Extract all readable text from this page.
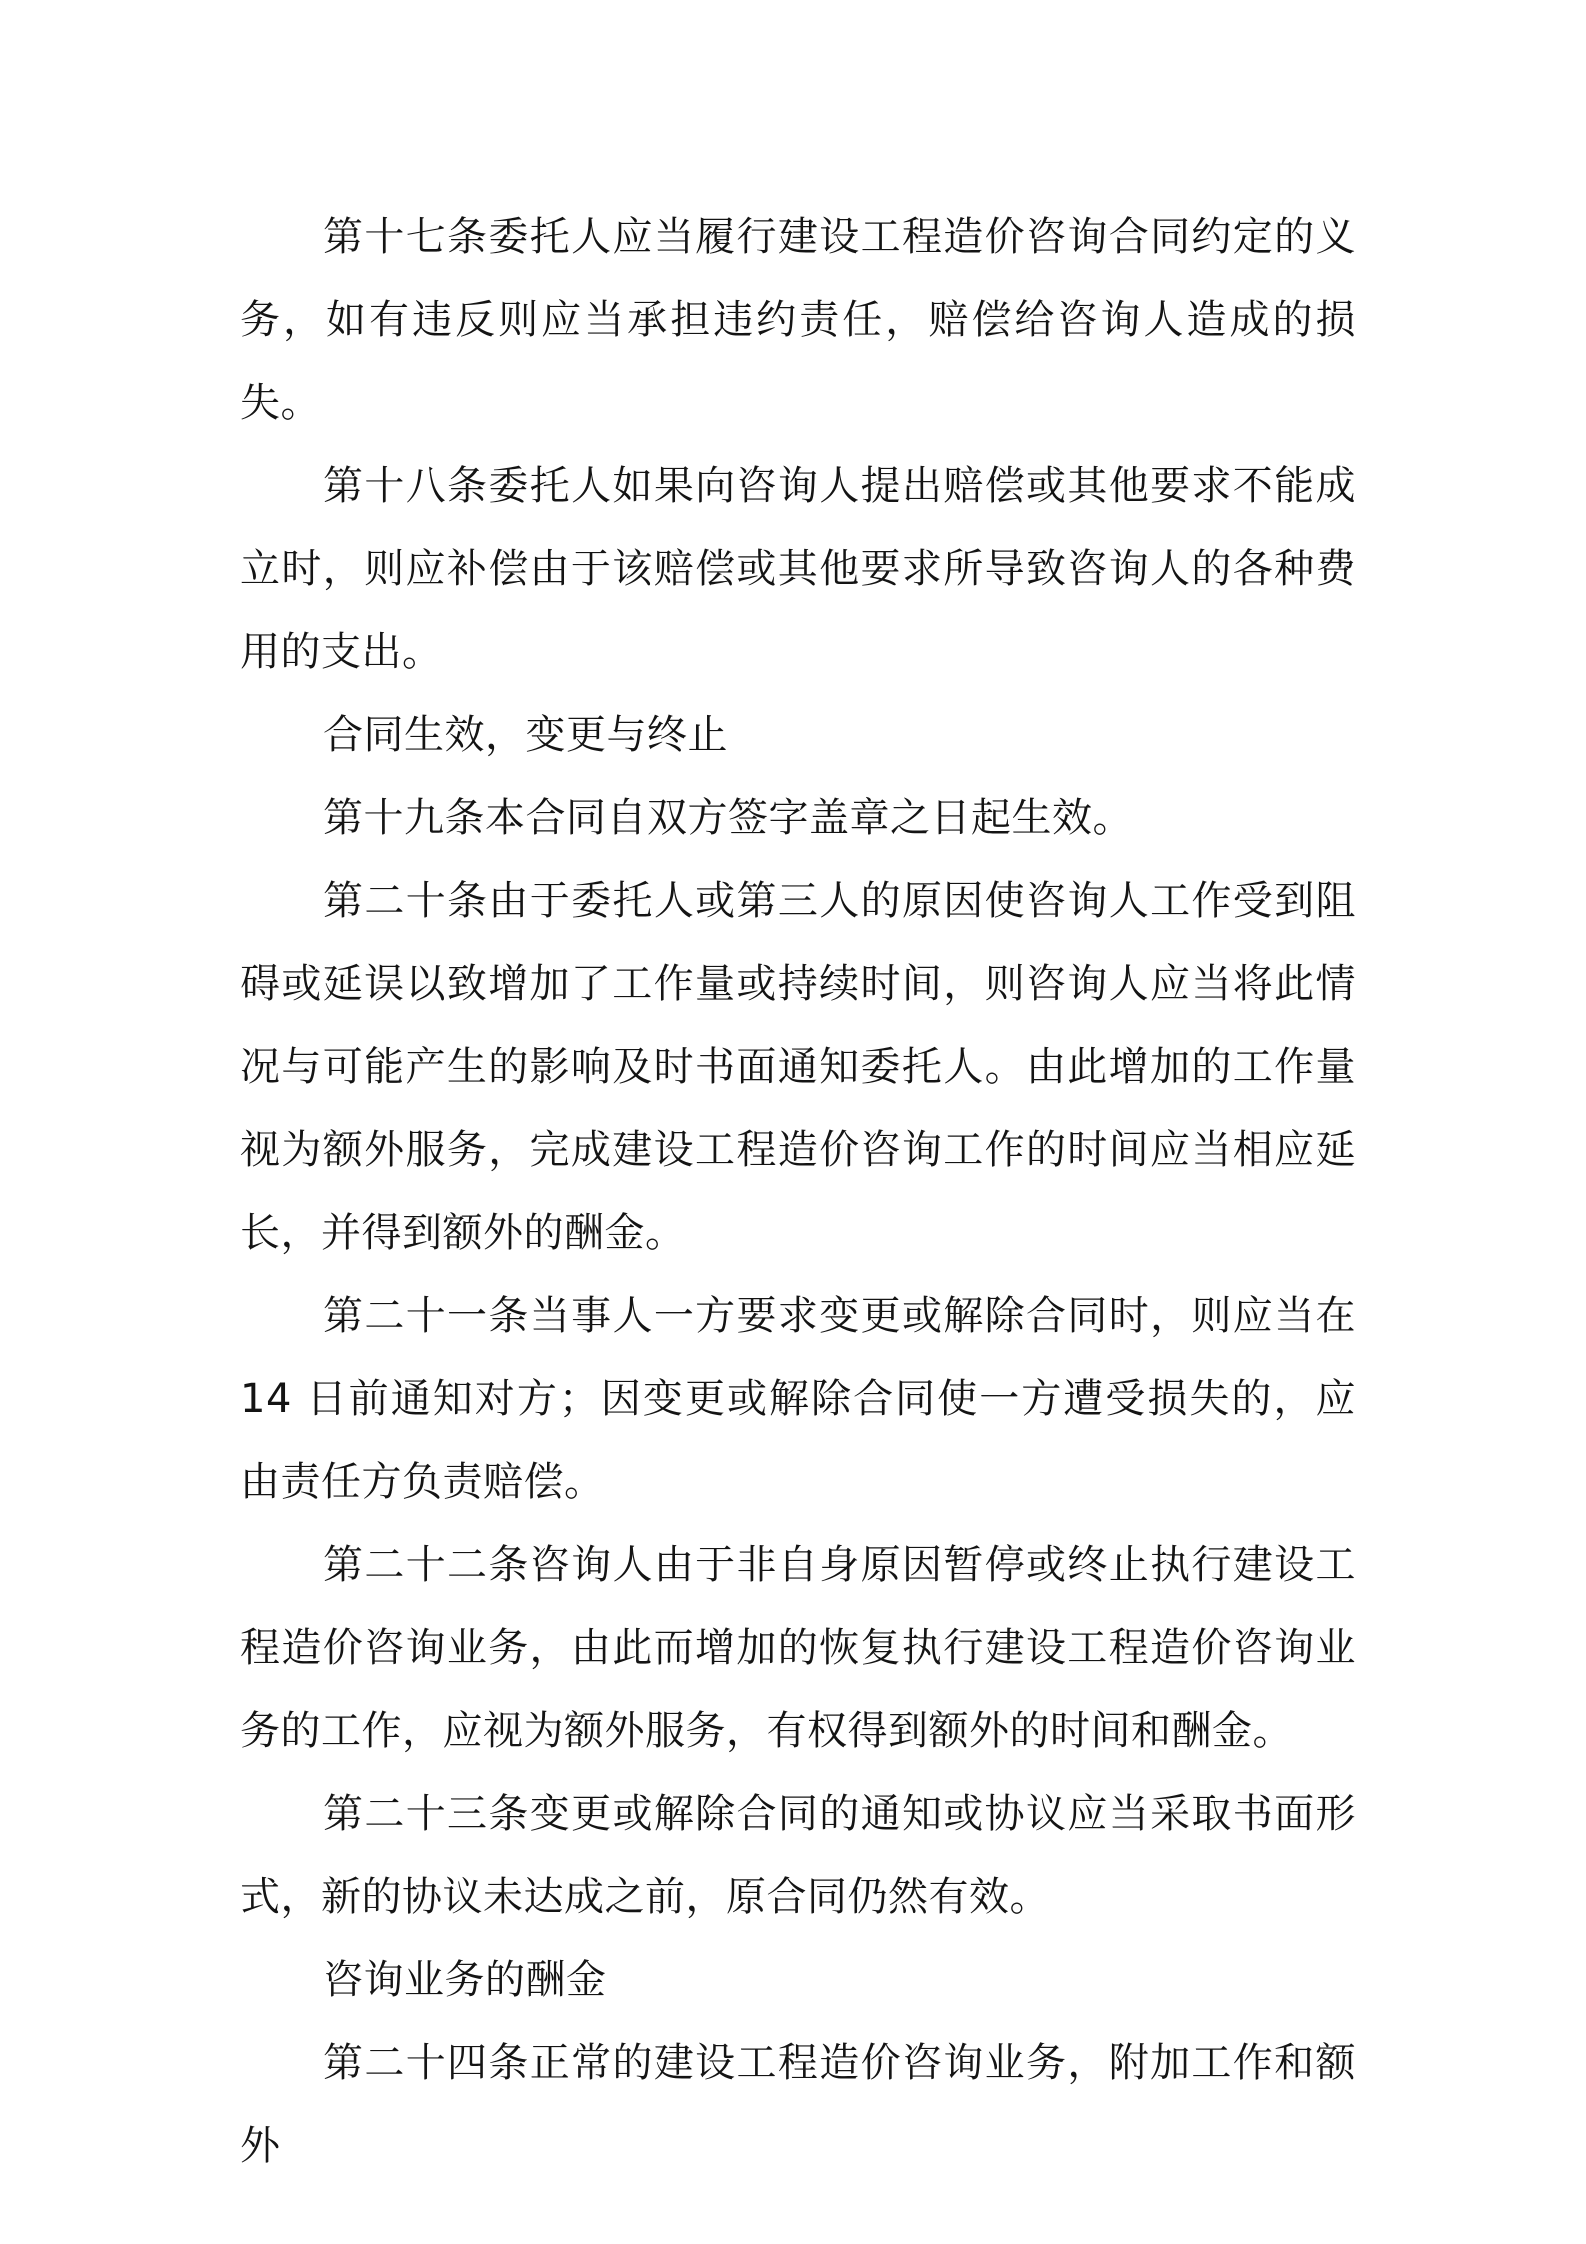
第十七条委托人应当履行建设工程造价咨询合同约定的义务，如有违反则应当承担违约责任，赔偿给咨询人造成的损失。

第十八条委托人如果向咨询人提出赔偿或其他要求不能成立时，则应补偿由于该赔偿或其他要求所导致咨询人的各种费用的支出。

合同生效，变更与终止

第十九条本合同自双方签字盖章之日起生效。

第二十条由于委托人或第三人的原因使咨询人工作受到阻碍或延误以致增加了工作量或持续时间，则咨询人应当将此情况与可能产生的影响及时书面通知委托人。由此增加的工作量视为额外服务，完成建设工程造价咨询工作的时间应当相应延长，并得到额外的酬金。

第二十一条当事人一方要求变更或解除合同时，则应当在 14 日前通知对方；因变更或解除合同使一方遭受损失的，应由责任方负责赔偿。

第二十二条咨询人由于非自身原因暂停或终止执行建设工程造价咨询业务，由此而增加的恢复执行建设工程造价咨询业务的工作，应视为额外服务，有权得到额外的时间和酬金。

第二十三条变更或解除合同的通知或协议应当采取书面形式，新的协议未达成之前，原合同仍然有效。

咨询业务的酬金

第二十四条正常的建设工程造价咨询业务，附加工作和额外
